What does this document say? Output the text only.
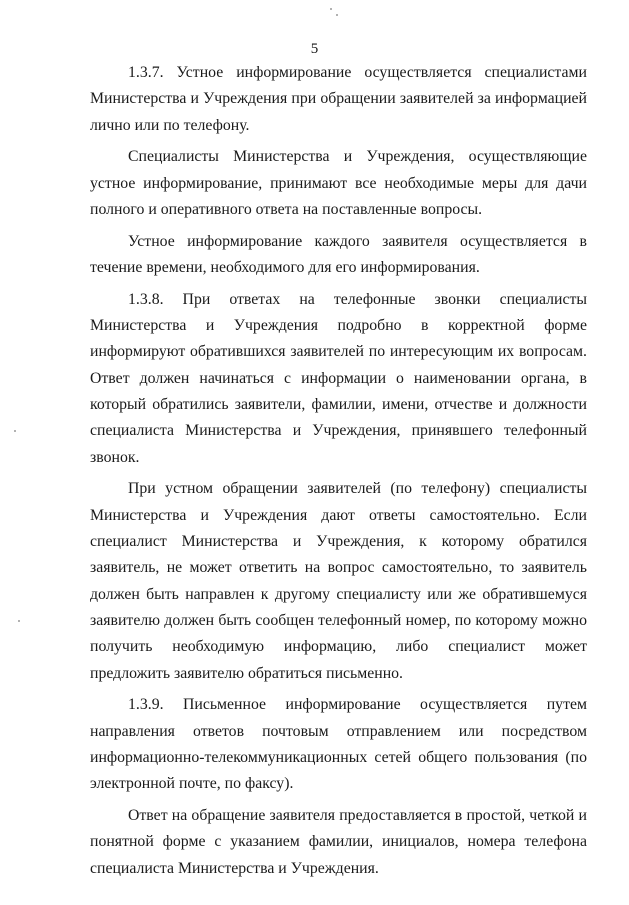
5

1.3.7. Устное информирование осуществляется специалистами Министерства и Учреждения при обращении заявителей за информацией лично или по телефону.

Специалисты Министерства и Учреждения, осуществляющие устное информирование, принимают все необходимые меры для дачи полного и оперативного ответа на поставленные вопросы.

Устное информирование каждого заявителя осуществляется в течение времени, необходимого для его информирования.

1.3.8. При ответах на телефонные звонки специалисты Министерства и Учреждения подробно в корректной форме информируют обратившихся заявителей по интересующим их вопросам. Ответ должен начинаться с информации о наименовании органа, в который обратились заявители, фамилии, имени, отчестве и должности специалиста Министерства и Учреждения, принявшего телефонный звонок.

При устном обращении заявителей (по телефону) специалисты Министерства и Учреждения дают ответы самостоятельно. Если специалист Министерства и Учреждения, к которому обратился заявитель, не может ответить на вопрос самостоятельно, то заявитель должен быть направлен к другому специалисту или же обратившемуся заявителю должен быть сообщен телефонный номер, по которому можно получить необходимую информацию, либо специалист может предложить заявителю обратиться письменно.

1.3.9. Письменное информирование осуществляется путем направления ответов почтовым отправлением или посредством информационно-телекоммуникационных сетей общего пользования (по электронной почте, по факсу).

Ответ на обращение заявителя предоставляется в простой, четкой и понятной форме с указанием фамилии, инициалов, номера телефона специалиста Министерства и Учреждения.
